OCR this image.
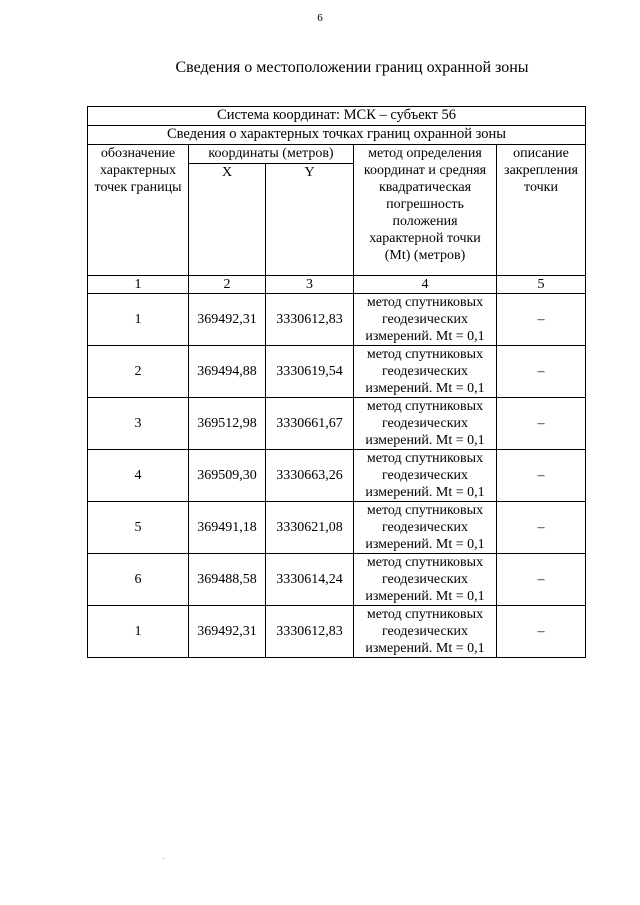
6
Сведения о местоположении границ охранной зоны
Система координат: МСК – субъект 56				
Сведения о характерных точках границ охранной зоны				
обозначение характерных точек границы	координаты (метров)		метод определения координат и средняя квадратическая погрешность положения характерной точки (Mt) (метров)	описание закрепления точки
	X	Y		
1	2	3	4	5
1	369492,31	3330612,83	метод спутниковых геодезических измерений. Mt = 0,1	–
2	369494,88	3330619,54	метод спутниковых геодезических измерений. Mt = 0,1	–
3	369512,98	3330661,67	метод спутниковых геодезических измерений. Mt = 0,1	–
4	369509,30	3330663,26	метод спутниковых геодезических измерений. Mt = 0,1	–
5	369491,18	3330621,08	метод спутниковых геодезических измерений. Mt = 0,1	–
6	369488,58	3330614,24	метод спутниковых геодезических измерений. Mt = 0,1	–
1	369492,31	3330612,83	метод спутниковых геодезических измерений. Mt = 0,1	–
